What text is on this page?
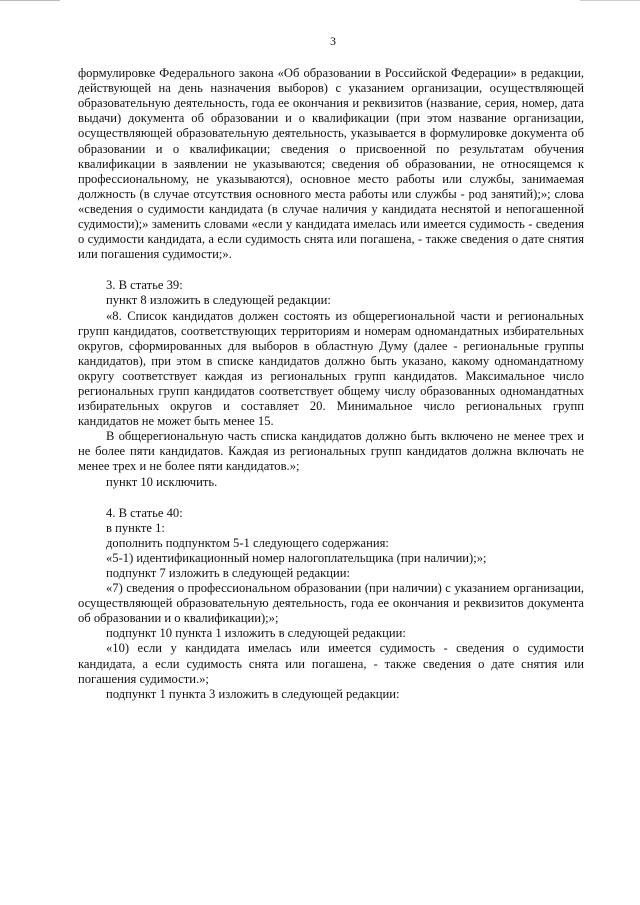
3

формулировке Федерального закона «Об образовании в Российской Федерации» в редакции, действующей на день назначения выборов) с указанием организации, осуществляющей образовательную деятельность, года ее окончания и реквизитов (название, серия, номер, дата выдачи) документа об образовании и о квалификации (при этом название организации, осуществляющей образовательную деятельность, указывается в формулировке документа об образовании и о квалификации; сведения о присвоенной по результатам обучения квалификации в заявлении не указываются; сведения об образовании, не относящемся к профессиональному, не указываются), основное место работы или службы, занимаемая должность (в случае отсутствия основного места работы или службы - род занятий);»; слова «сведения о судимости кандидата (в случае наличия у кандидата неснятой и непогашенной судимости);» заменить словами «если у кандидата имелась или имеется судимость - сведения о судимости кандидата, а если судимость снята или погашена, - также сведения о дате снятия или погашения судимости;».

3. В статье 39:

пункт 8 изложить в следующей редакции:

«8. Список кандидатов должен состоять из общерегиональной части и региональных групп кандидатов, соответствующих территориям и номерам одномандатных избирательных округов, сформированных для выборов в областную Думу (далее - региональные группы кандидатов), при этом в списке кандидатов должно быть указано, какому одномандатному округу соответствует каждая из региональных групп кандидатов. Максимальное число региональных групп кандидатов соответствует общему числу образованных одномандатных избирательных округов и составляет 20. Минимальное число региональных групп кандидатов не может быть менее 15.

В общерегиональную часть списка кандидатов должно быть включено не менее трех и не более пяти кандидатов. Каждая из региональных групп кандидатов должна включать не менее трех и не более пяти кандидатов.»;

пункт 10 исключить.

4. В статье 40:

в пункте 1:

дополнить подпунктом 5-1 следующего содержания:

«5-1) идентификационный номер налогоплательщика (при наличии);»;

подпункт 7 изложить в следующей редакции:

«7) сведения о профессиональном образовании (при наличии) с указанием организации, осуществляющей образовательную деятельность, года ее окончания и реквизитов документа об образовании и о квалификации);»;

подпункт 10 пункта 1 изложить в следующей редакции:

«10) если у кандидата имелась или имеется судимость - сведения о судимости кандидата, а если судимость снята или погашена, - также сведения о дате снятия или погашения судимости.»;

подпункт 1 пункта 3 изложить в следующей редакции:
